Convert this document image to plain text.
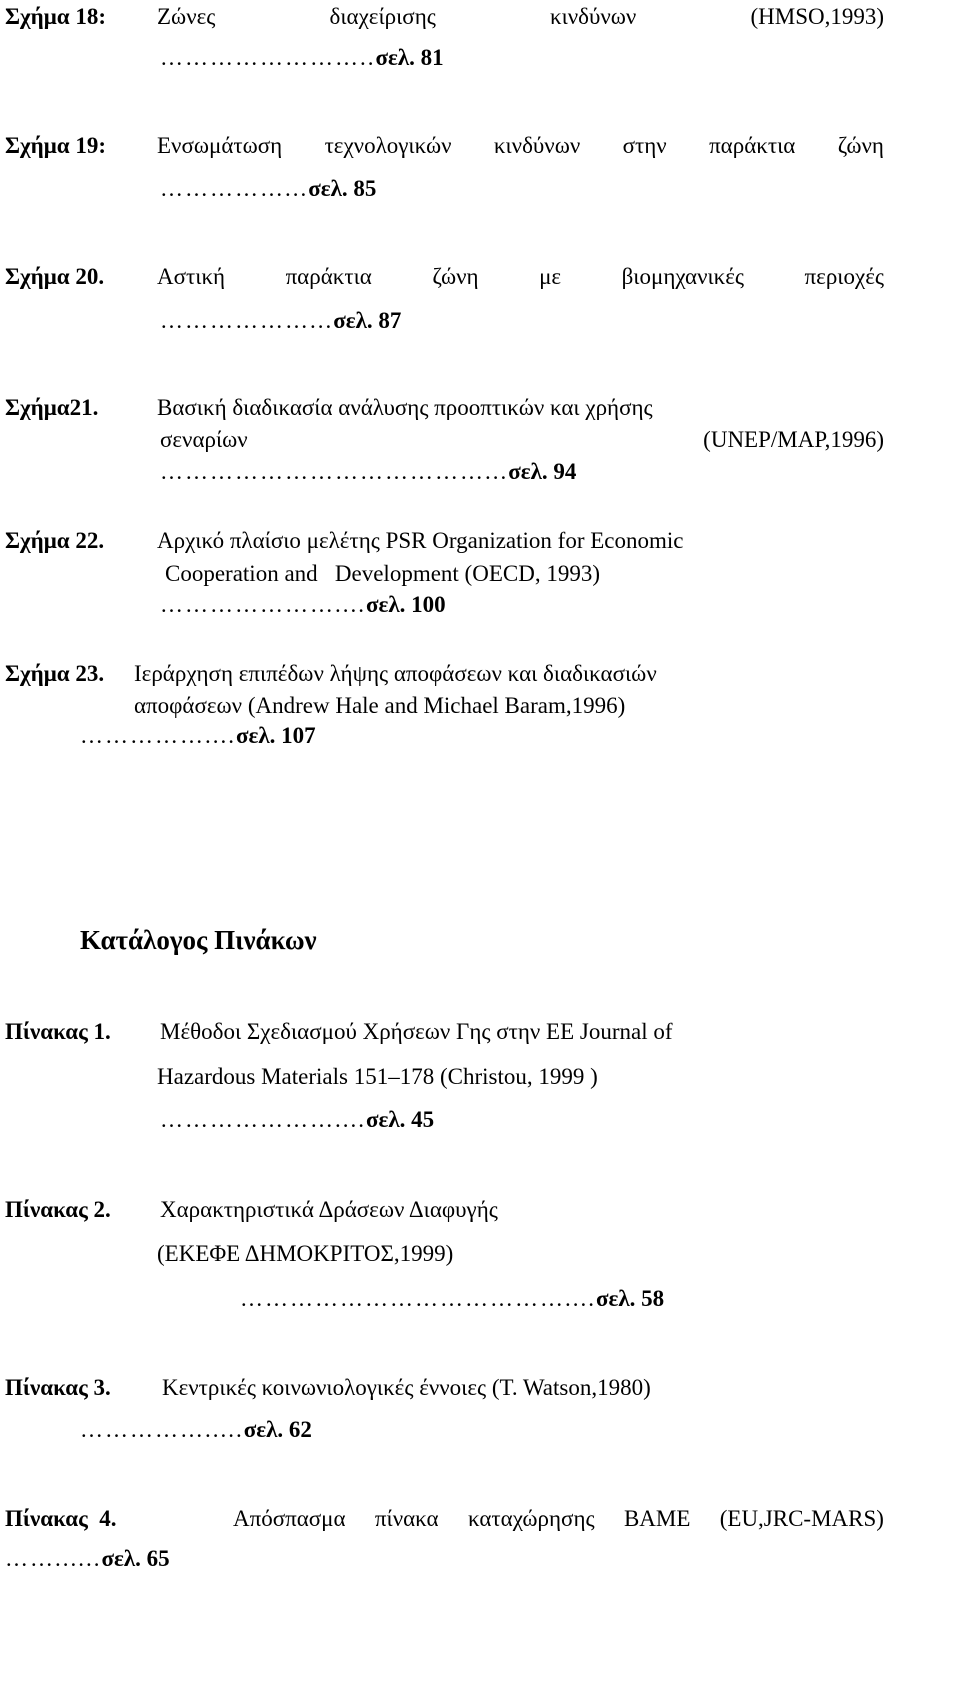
Σχήμα 18: Ζώνες	διαχείρισης	κινδύνων	(HMSO,1993)
……………………..σελ. 81
Σχήμα 19: Ενσωμάτωση τεχνολογικών κινδύνων στην παράκτια ζώνη
……………...σελ. 85
Σχήμα 20. Αστική	παράκτια	ζώνη	με	βιομηχανικές	περιοχές
………………...σελ. 87
Σχήμα21.	Βασική διαδικασία ανάλυσης προοπτικών και χρήσης
σεναρίων	(UNEP/MAP,1996)
…………………………………...σελ. 94
Σχήμα 22. Αρχικό πλαίσιο μελέτης PSR Organization for Economic
Cooperation and   Development (OECD, 1993)
…………………....σελ. 100
Σχήμα 23. Ιεράρχηση επιπέδων λήψης αποφάσεων και διαδικασιών
αποφάσεων (Andrew Hale and Michael Baram,1996)
……………....σελ. 107
Κατάλογος Πινάκων
Πίνακας 1. Μέθοδοι Σχεδιασμού Χρήσεων Γης στην ΕΕ Journal of
Hazardous Materials 151–178 (Christou, 1999 )
…………………....σελ. 45
Πίνακας 2. Χαρακτηριστικά Δράσεων Διαφυγής
(ΕΚΕΦΕ ΔΗΜΟΚΡΙΤΟΣ,1999)
…………………………………....σελ. 58
Πίνακας 3. Κεντρικές κοινωνιολογικές έννοιες (T. Watson,1980)
…………….....σελ. 62
Πίνακας  4.	Απόσπασμα πίνακα καταχώρησης BAME (EU,JRC-MARS)
……......σελ. 65
